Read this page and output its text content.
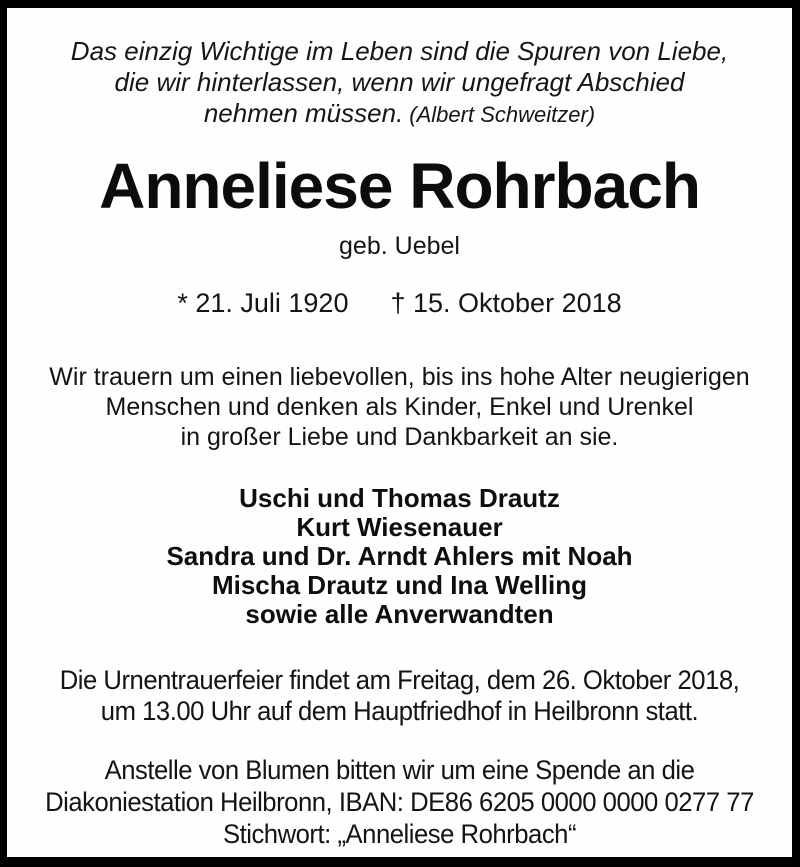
Das einzig Wichtige im Leben sind die Spuren von Liebe,
die wir hinterlassen, wenn wir ungefragt Abschied
nehmen müssen. (Albert Schweitzer)
Anneliese Rohrbach
geb. Uebel
* 21. Juli 1920 † 15. Oktober 2018
Wir trauern um einen liebevollen, bis ins hohe Alter neugierigen
Menschen und denken als Kinder, Enkel und Urenkel
in großer Liebe und Dankbarkeit an sie.
Uschi und Thomas Drautz
Kurt Wiesenauer
Sandra und Dr. Arndt Ahlers mit Noah
Mischa Drautz und Ina Welling
sowie alle Anverwandten
Die Urnentrauerfeier findet am Freitag, dem 26. Oktober 2018,
um 13.00 Uhr auf dem Hauptfriedhof in Heilbronn statt.
Anstelle von Blumen bitten wir um eine Spende an die
Diakoniestation Heilbronn, IBAN: DE86 6205 0000 0000 0277 77
Stichwort: „Anneliese Rohrbach“
